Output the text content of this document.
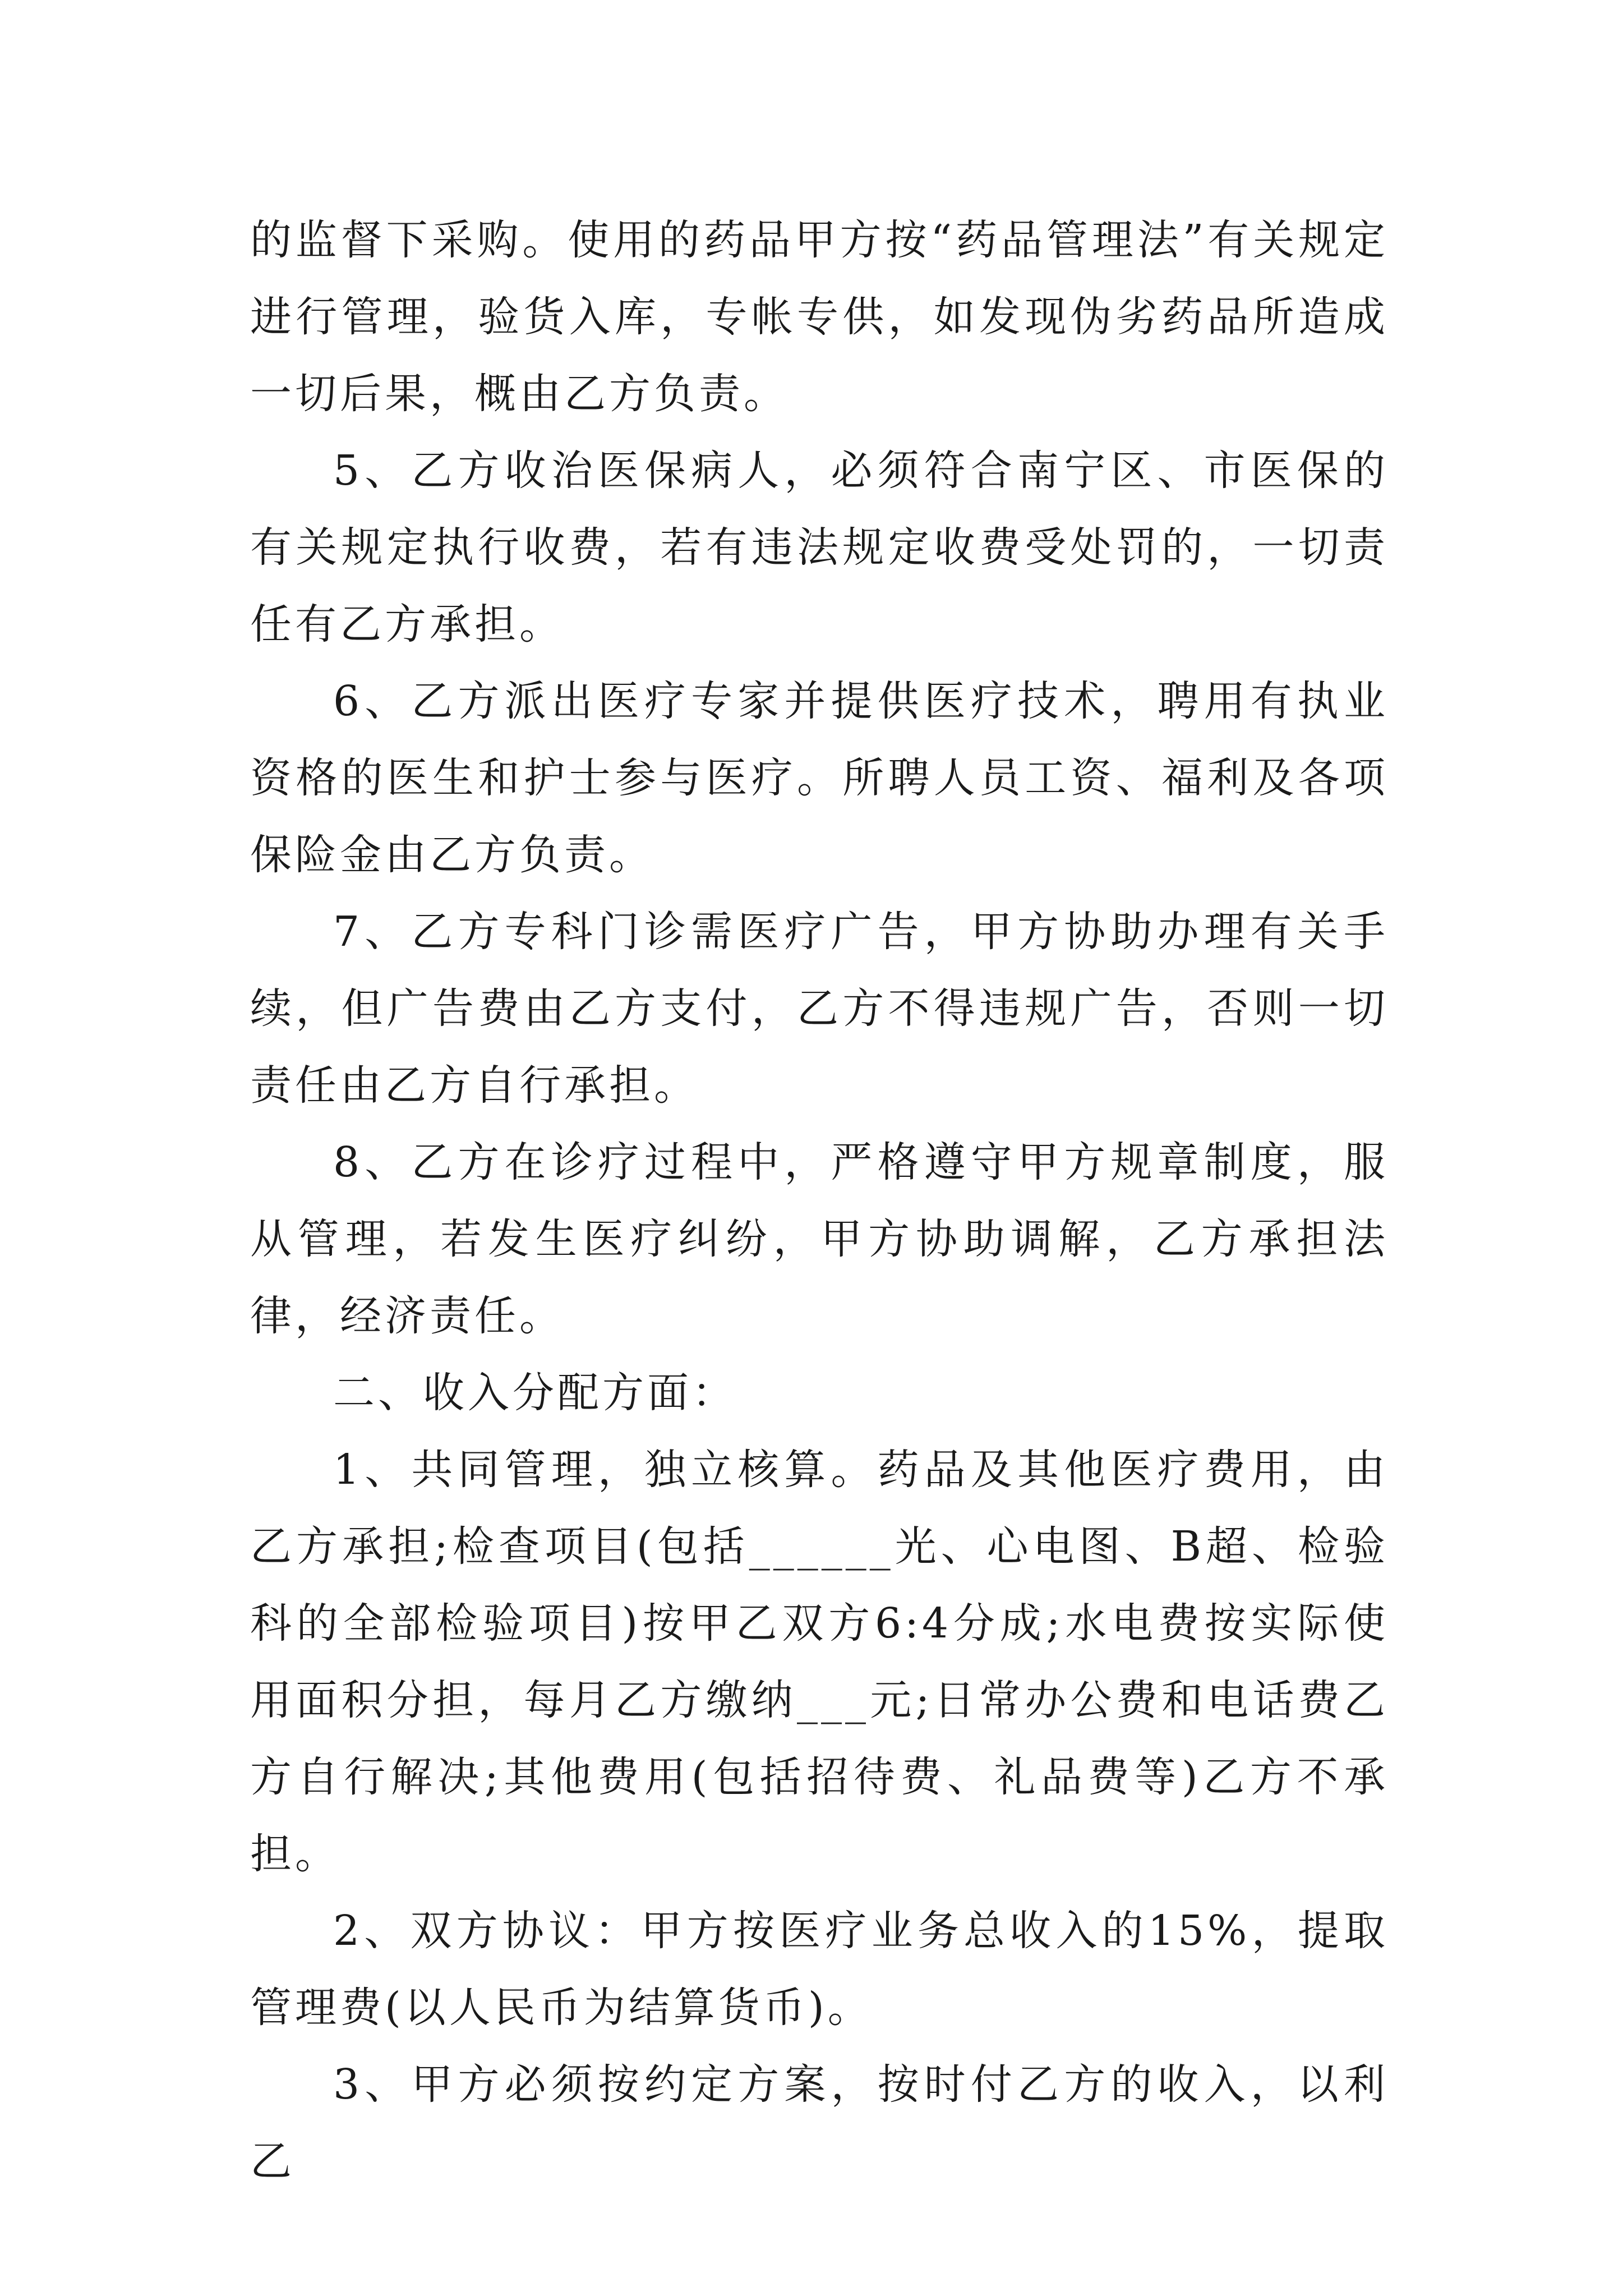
的监督下采购。使用的药品甲方按“药品管理法”有关规定进行管理，验货入库，专帐专供，如发现伪劣药品所造成一切后果，概由乙方负责。

5、乙方收治医保病人，必须符合南宁区、市医保的有关规定执行收费，若有违法规定收费受处罚的，一切责任有乙方承担。

6、乙方派出医疗专家并提供医疗技术，聘用有执业资格的医生和护士参与医疗。所聘人员工资、福利及各项保险金由乙方负责。

7、乙方专科门诊需医疗广告，甲方协助办理有关手续，但广告费由乙方支付，乙方不得违规广告，否则一切责任由乙方自行承担。

8、乙方在诊疗过程中，严格遵守甲方规章制度，服从管理，若发生医疗纠纷，甲方协助调解，乙方承担法律，经济责任。

二、收入分配方面：

1、共同管理，独立核算。药品及其他医疗费用，由乙方承担;检查项目(包括______光、心电图、B超、检验科的全部检验项目)按甲乙双方6:4分成;水电费按实际使用面积分担，每月乙方缴纳___元;日常办公费和电话费乙方自行解决;其他费用(包括招待费、礼品费等)乙方不承担。

2、双方协议：甲方按医疗业务总收入的15%，提取管理费(以人民币为结算货币)。

3、甲方必须按约定方案，按时付乙方的收入，以利乙
